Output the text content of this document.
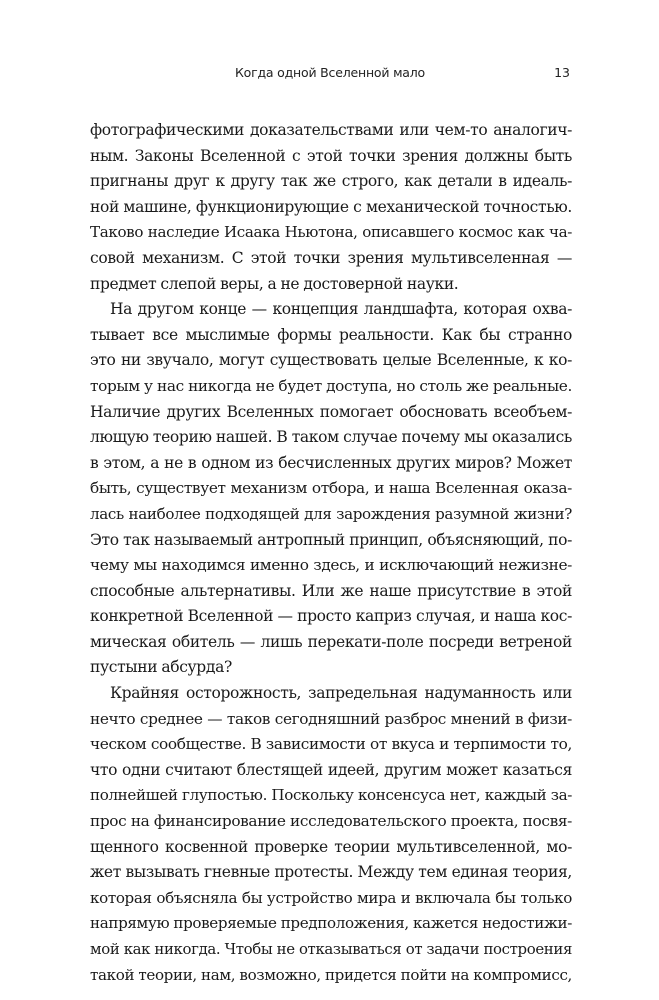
Когда одной Вселенной мало	13
фотографическими доказательствами или чем-то аналогич-
ным. Законы Вселенной с этой точки зрения должны быть
пригнаны друг к другу так же строго, как детали в идеаль-
ной машине, функционирующие с механической точностью.
Таково наследие Исаака Ньютона, описавшего космос как ча-
совой механизм. С этой точки зрения мультивселенная —
предмет слепой веры, а не достоверной науки.
На другом конце — концепция ландшафта, которая охва-
тывает все мыслимые формы реальности. Как бы странно
это ни звучало, могут существовать целые Вселенные, к ко-
торым у нас никогда не будет доступа, но столь же реальные.
Наличие других Вселенных помогает обосновать всеобъем-
лющую теорию нашей. В таком случае почему мы оказались
в этом, а не в одном из бесчисленных других миров? Может
быть, существует механизм отбора, и наша Вселенная оказа-
лась наиболее подходящей для зарождения разумной жизни?
Это так называемый антропный принцип, объясняющий, по-
чему мы находимся именно здесь, и исключающий нежизне-
способные альтернативы. Или же наше присутствие в этой
конкретной Вселенной — просто каприз случая, и наша кос-
мическая обитель — лишь перекати-поле посреди ветреной
пустыни абсурда?
Крайняя осторожность, запредельная надуманность или
нечто среднее — таков сегодняшний разброс мнений в физи-
ческом сообществе. В зависимости от вкуса и терпимости то,
что одни считают блестящей идеей, другим может казаться
полнейшей глупостью. Поскольку консенсуса нет, каждый за-
прос на финансирование исследовательского проекта, посвя-
щенного косвенной проверке теории мультивселенной, мо-
жет вызывать гневные протесты. Между тем единая теория,
которая объясняла бы устройство мира и включала бы только
напрямую проверяемые предположения, кажется недостижи-
мой как никогда. Чтобы не отказываться от задачи построения
такой теории, нам, возможно, придется пойти на компромисс,
